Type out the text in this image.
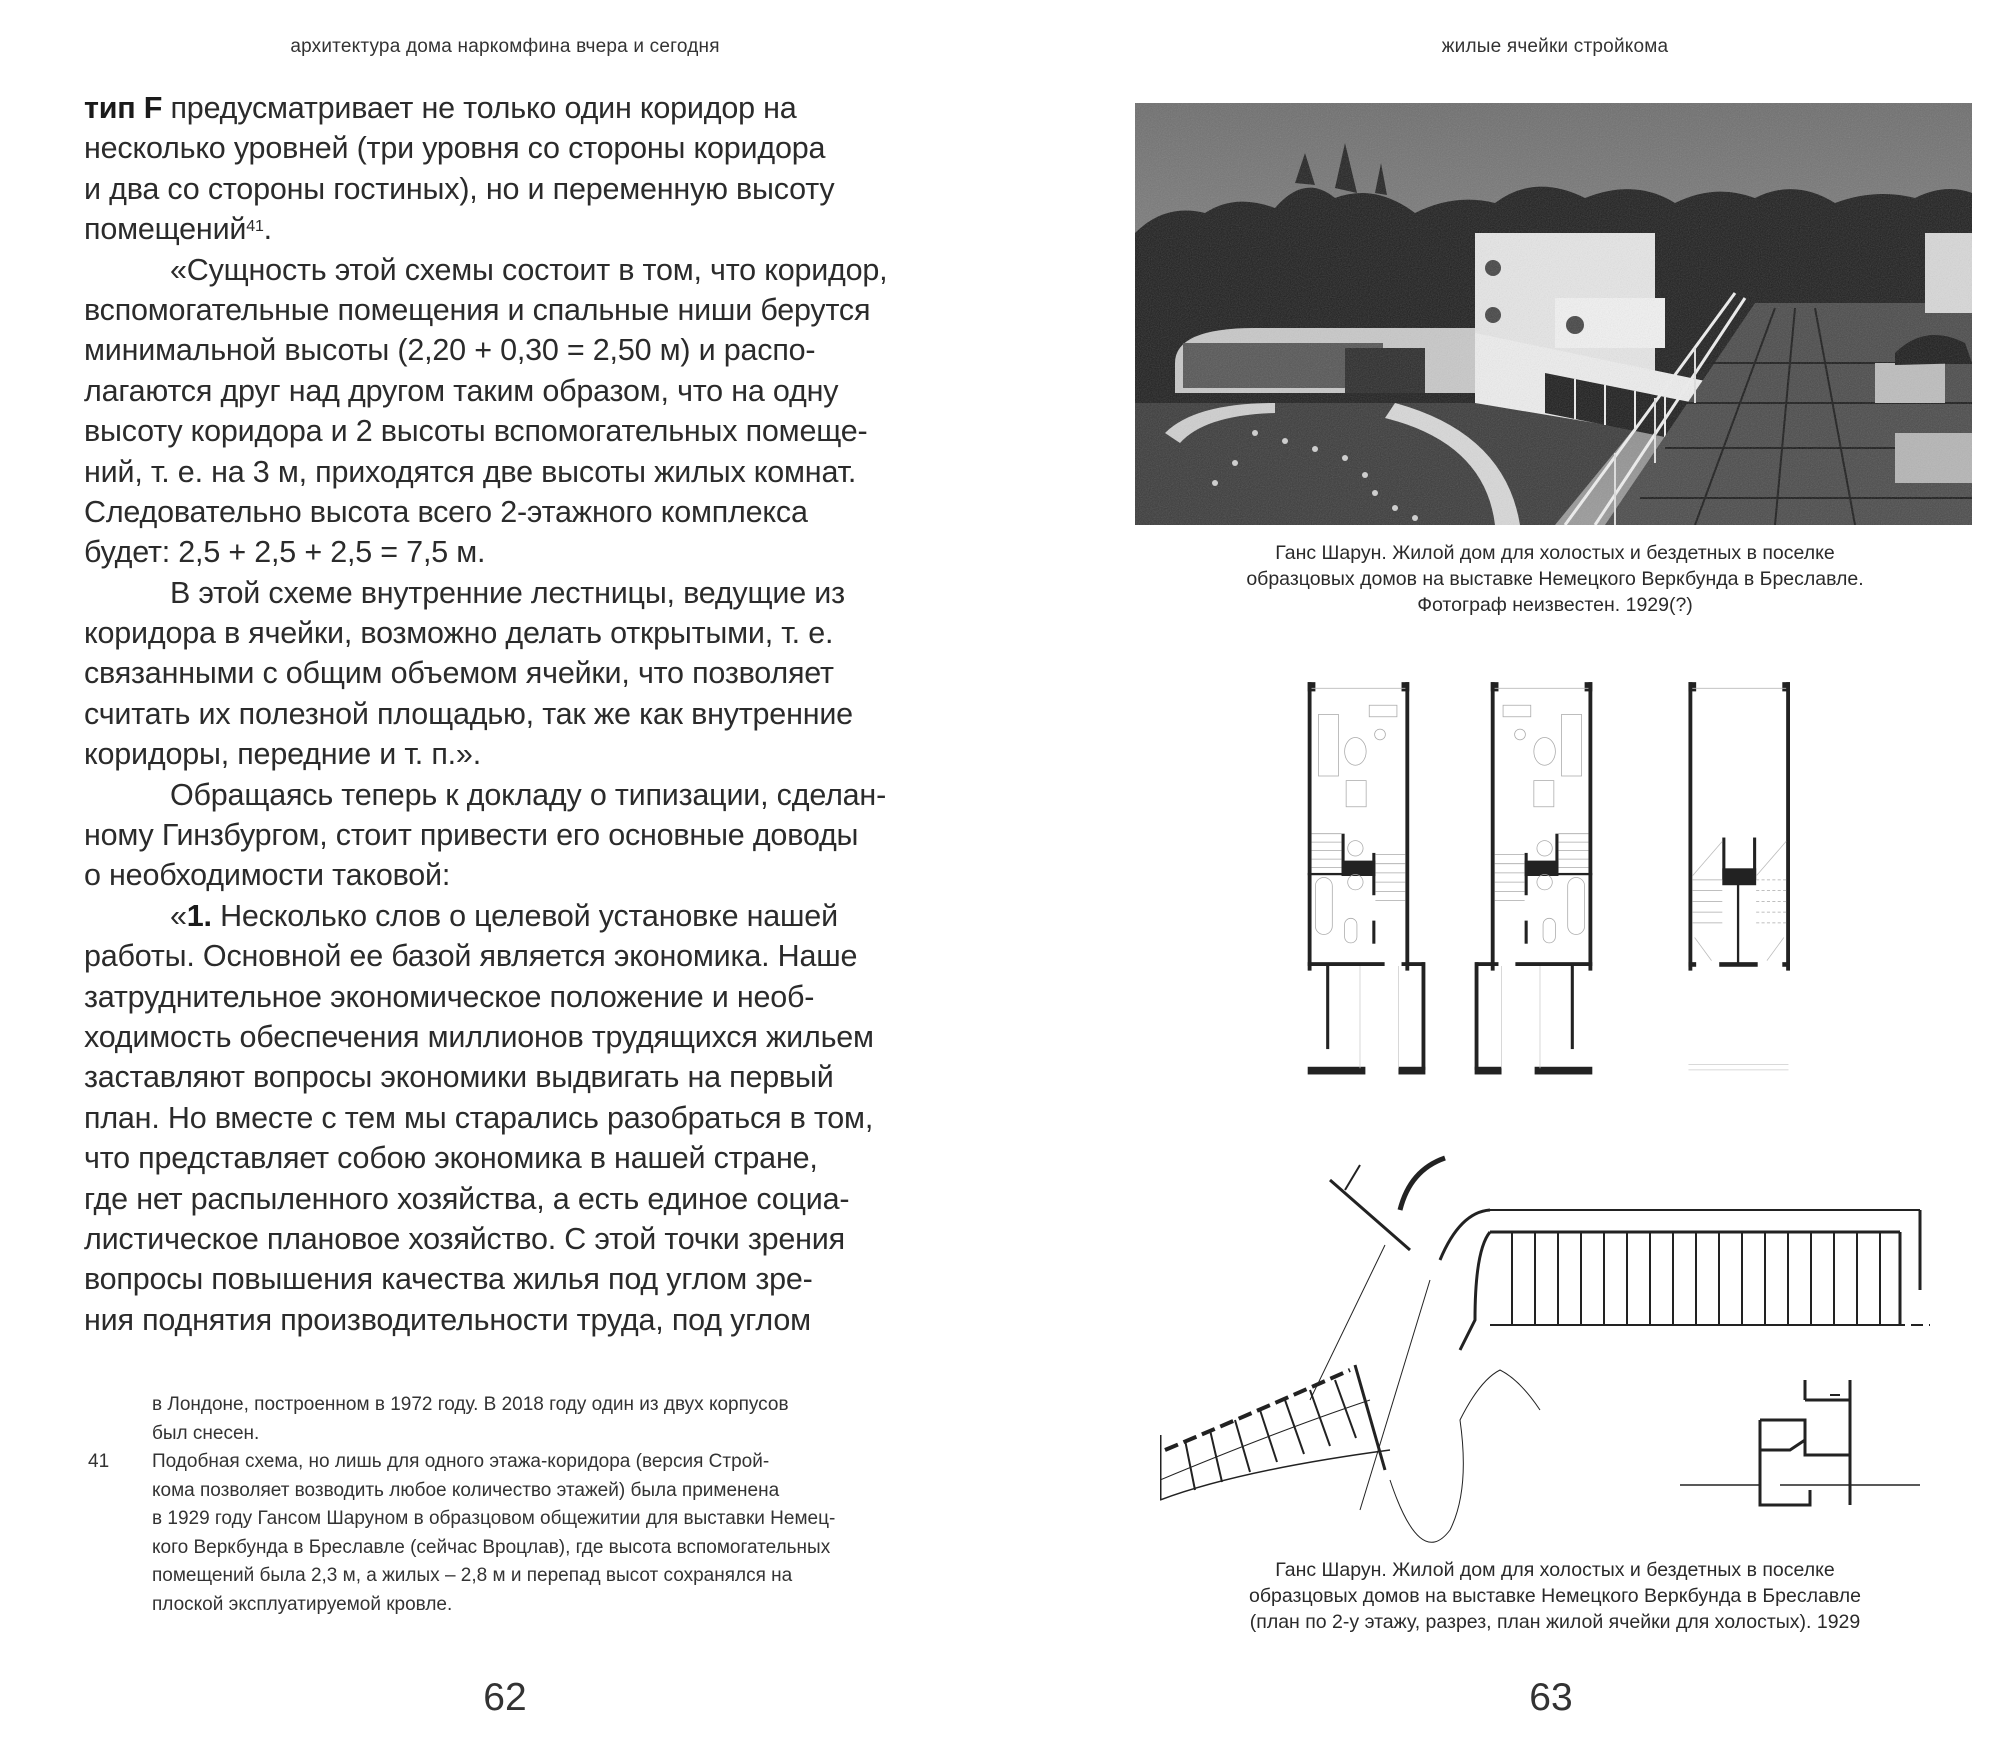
архитектура дома наркомфина вчера и сегодня
тип F предусматривает не только один коридор на
несколько уровней (три уровня со стороны коридора
и два со стороны гостиных), но и переменную высоту
помещений$^{41}$.
«Сущность этой схемы состоит в том, что коридор,
вспомогательные помещения и спальные ниши берутся
минимальной высоты (2,20 + 0,30 = 2,50 м) и распо-
лагаются друг над другом таким образом, что на одну
высоту коридора и 2 высоты вспомогательных помеще-
ний, т. е. на 3 м, приходятся две высоты жилых комнат.
Следовательно высота всего 2-этажного комплекса
будет: 2,5 + 2,5 + 2,5 = 7,5 м.
В этой схеме внутренние лестницы, ведущие из
коридора в ячейки, возможно делать открытыми, т. е.
связанными с общим объемом ячейки, что позволяет
считать их полезной площадью, так же как внутренние
коридоры, передние и т. п.».
Обращаясь теперь к докладу о типизации, сделан-
ному Гинзбургом, стоит привести его основные доводы
о необходимости таковой:
«1. Несколько слов о целевой установке нашей
работы. Основной ее базой является экономика. Наше
затруднительное экономическое положение и необ-
ходимость обеспечения миллионов трудящихся жильем
заставляют вопросы экономики выдвигать на первый
план. Но вместе с тем мы старались разобраться в том,
что представляет собою экономика в нашей стране,
где нет распыленного хозяйства, а есть единое социа-
листическое плановое хозяйство. С этой точки зрения
вопросы повышения качества жилья под углом зре-
ния поднятия производительности труда, под углом
в Лондоне, построенном в 1972 году. В 2018 году один из двух корпусов
был снесен.
41 Подобная схема, но лишь для одного этажа-коридора (версия Строй-
кома позволяет возводить любое количество этажей) была применена
в 1929 году Гансом Шаруном в образцовом общежитии для выставки Немец-
кого Веркбунда в Бреславле (сейчас Вроцлав), где высота вспомогательных
помещений была 2,3 м, а жилых – 2,8 м и перепад высот сохранялся на
плоской эксплуатируемой кровле.
62
жилые ячейки стройкома
Ганс Шарун. Жилой дом для холостых и бездетных в поселке
образцовых домов на выставке Немецкого Веркбунда в Бреславле.
Фотограф неизвестен. 1929(?)
Ганс Шарун. Жилой дом для холостых и бездетных в поселке
образцовых домов на выставке Немецкого Веркбунда в Бреславле
(план по 2-у этажу, разрез, план жилой ячейки для холостых). 1929
63
